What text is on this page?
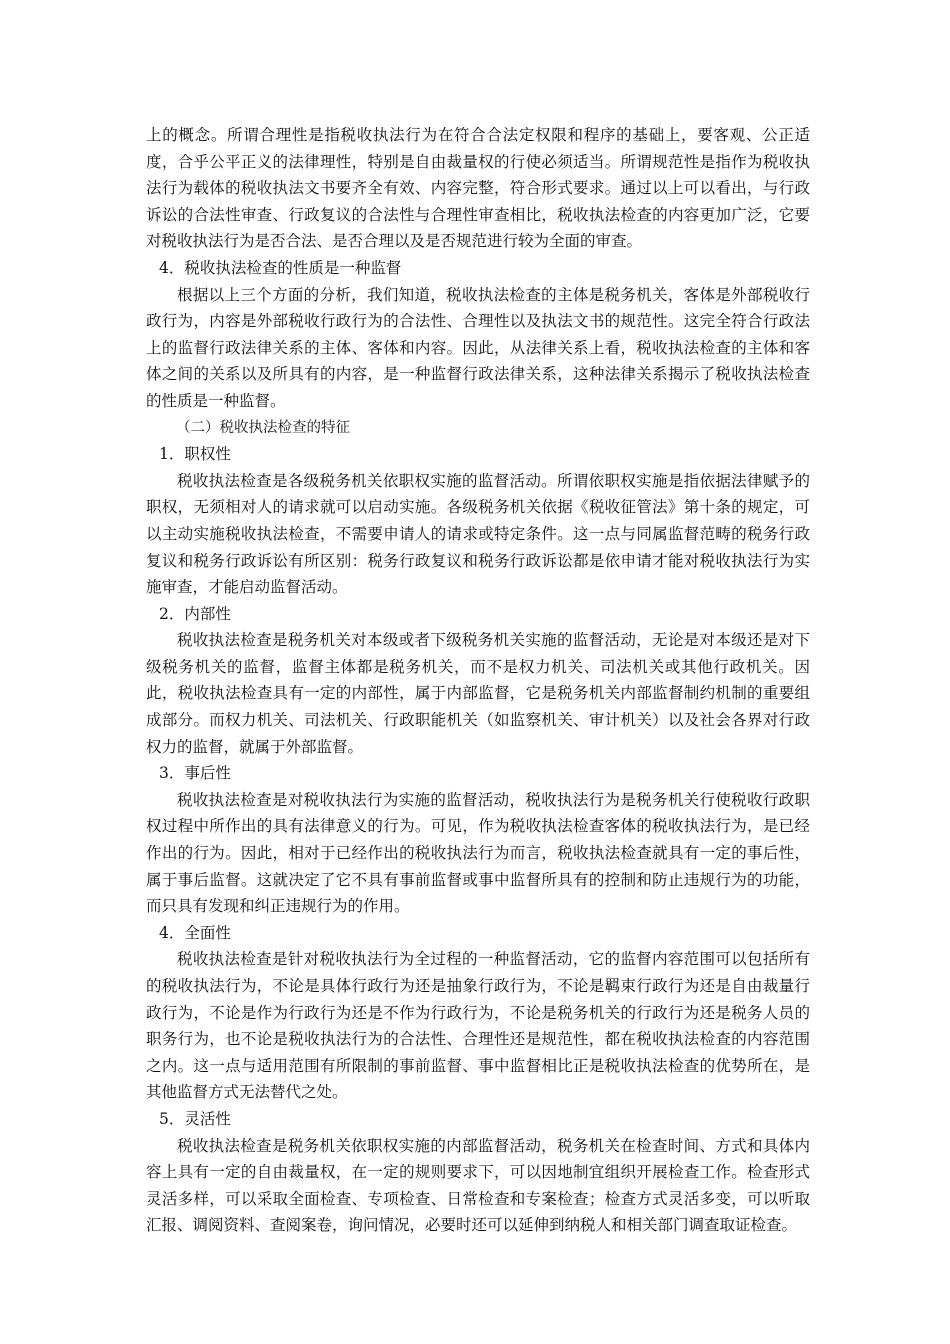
上的概念。所谓合理性是指税收执法行为在符合合法定权限和程序的基础上，要客观、公正适度，合乎公平正义的法律理性，特别是自由裁量权的行使必须适当。所谓规范性是指作为税收执法行为载体的税收执法文书要齐全有效、内容完整，符合形式要求。通过以上可以看出，与行政诉讼的合法性审查、行政复议的合法性与合理性审查相比，税收执法检查的内容更加广泛，它要对税收执法行为是否合法、是否合理以及是否规范进行较为全面的审查。

4．税收执法检查的性质是一种监督

根据以上三个方面的分析，我们知道，税收执法检查的主体是税务机关，客体是外部税收行政行为，内容是外部税收行政行为的合法性、合理性以及执法文书的规范性。这完全符合行政法上的监督行政法律关系的主体、客体和内容。因此，从法律关系上看，税收执法检查的主体和客体之间的关系以及所具有的内容，是一种监督行政法律关系，这种法律关系揭示了税收执法检查的性质是一种监督。

（二）税收执法检查的特征

1．职权性

税收执法检查是各级税务机关依职权实施的监督活动。所谓依职权实施是指依据法律赋予的职权，无须相对人的请求就可以启动实施。各级税务机关依据《税收征管法》第十条的规定，可以主动实施税收执法检查，不需要申请人的请求或特定条件。这一点与同属监督范畴的税务行政复议和税务行政诉讼有所区别：税务行政复议和税务行政诉讼都是依申请才能对税收执法行为实施审查，才能启动监督活动。

2．内部性

税收执法检查是税务机关对本级或者下级税务机关实施的监督活动，无论是对本级还是对下级税务机关的监督，监督主体都是税务机关，而不是权力机关、司法机关或其他行政机关。因此，税收执法检查具有一定的内部性，属于内部监督，它是税务机关内部监督制约机制的重要组成部分。而权力机关、司法机关、行政职能机关（如监察机关、审计机关）以及社会各界对行政权力的监督，就属于外部监督。

3．事后性

税收执法检查是对税收执法行为实施的监督活动，税收执法行为是税务机关行使税收行政职权过程中所作出的具有法律意义的行为。可见，作为税收执法检查客体的税收执法行为，是已经作出的行为。因此，相对于已经作出的税收执法行为而言，税收执法检查就具有一定的事后性，属于事后监督。这就决定了它不具有事前监督或事中监督所具有的控制和防止违规行为的功能，而只具有发现和纠正违规行为的作用。

4．全面性

税收执法检查是针对税收执法行为全过程的一种监督活动，它的监督内容范围可以包括所有的税收执法行为，不论是具体行政行为还是抽象行政行为，不论是羁束行政行为还是自由裁量行政行为，不论是作为行政行为还是不作为行政行为，不论是税务机关的行政行为还是税务人员的职务行为，也不论是税收执法行为的合法性、合理性还是规范性，都在税收执法检查的内容范围之内。这一点与适用范围有所限制的事前监督、事中监督相比正是税收执法检查的优势所在，是其他监督方式无法替代之处。

5．灵活性

税收执法检查是税务机关依职权实施的内部监督活动，税务机关在检查时间、方式和具体内容上具有一定的自由裁量权，在一定的规则要求下，可以因地制宜组织开展检查工作。检查形式灵活多样，可以采取全面检查、专项检查、日常检查和专案检查；检查方式灵活多变，可以听取汇报、调阅资料、查阅案卷，询问情况，必要时还可以延伸到纳税人和相关部门调查取证检查。
